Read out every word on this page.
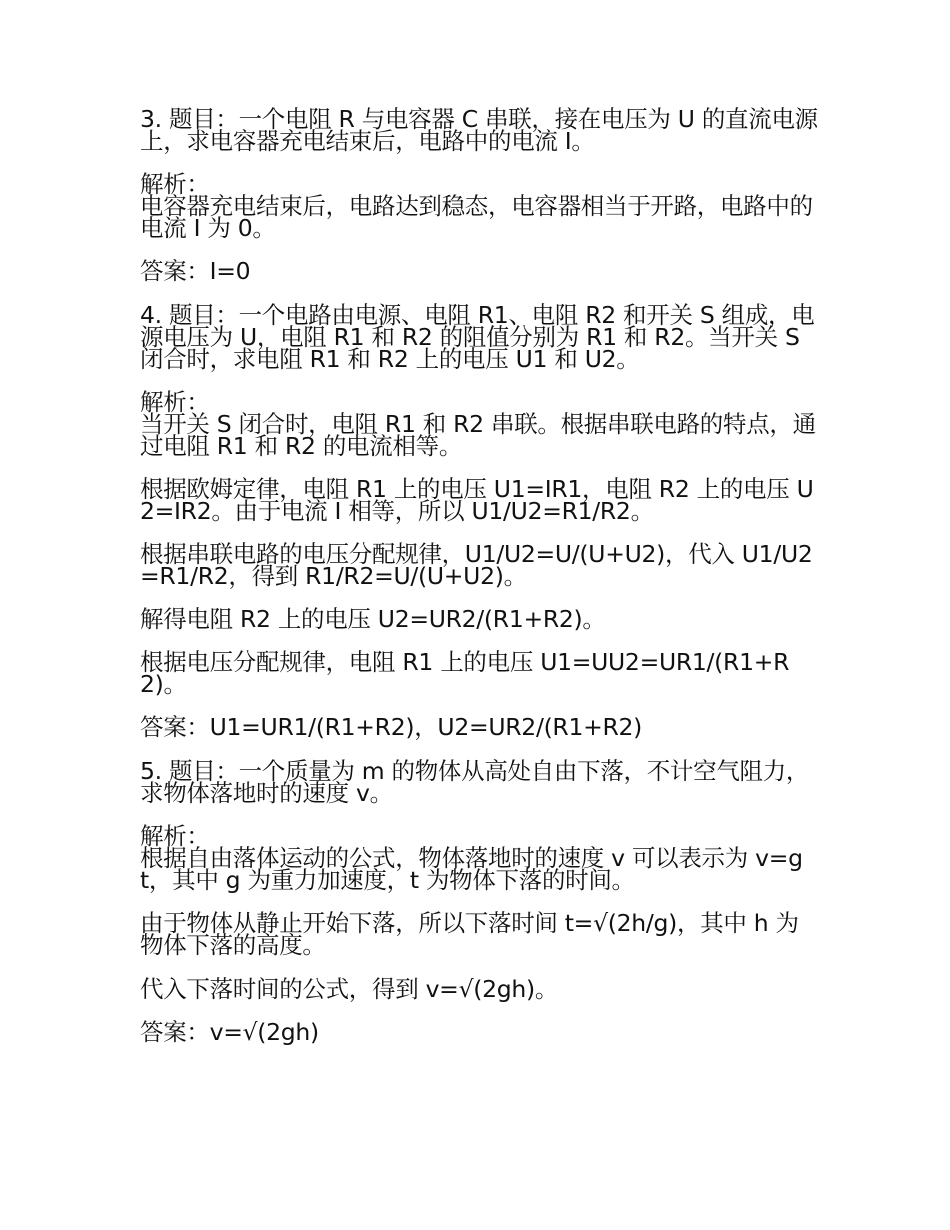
3. 题目：一个电阻 R 与电容器 C 串联，接在电压为 U 的直流电源上，求电容器充电结束后，电路中的电流 I。

解析：
电容器充电结束后，电路达到稳态，电容器相当于开路，电路中的电流 I 为 0。

答案：I=0

4. 题目：一个电路由电源、电阻 R1、电阻 R2 和开关 S 组成，电源电压为 U，电阻 R1 和 R2 的阻值分别为 R1 和 R2。当开关 S 闭合时，求电阻 R1 和 R2 上的电压 U1 和 U2。

解析：
当开关 S 闭合时，电阻 R1 和 R2 串联。根据串联电路的特点，通过电阻 R1 和 R2 的电流相等。

根据欧姆定律，电阻 R1 上的电压 U1=IR1，电阻 R2 上的电压 U2=IR2。由于电流 I 相等，所以 U1/U2=R1/R2。

根据串联电路的电压分配规律，U1/U2=U/(U+U2)，代入 U1/U2=R1/R2，得到 R1/R2=U/(U+U2)。

解得电阻 R2 上的电压 U2=UR2/(R1+R2)。

根据电压分配规律，电阻 R1 上的电压 U1=UU2=UR1/(R1+R2)。

答案：U1=UR1/(R1+R2)，U2=UR2/(R1+R2)

5. 题目：一个质量为 m 的物体从高处自由下落，不计空气阻力，求物体落地时的速度 v。

解析：
根据自由落体运动的公式，物体落地时的速度 v 可以表示为 v=gt，其中 g 为重力加速度，t 为物体下落的时间。

由于物体从静止开始下落，所以下落时间 t=√(2h/g)，其中 h 为物体下落的高度。

代入下落时间的公式，得到 v=√(2gh)。

答案：v=√(2gh)
